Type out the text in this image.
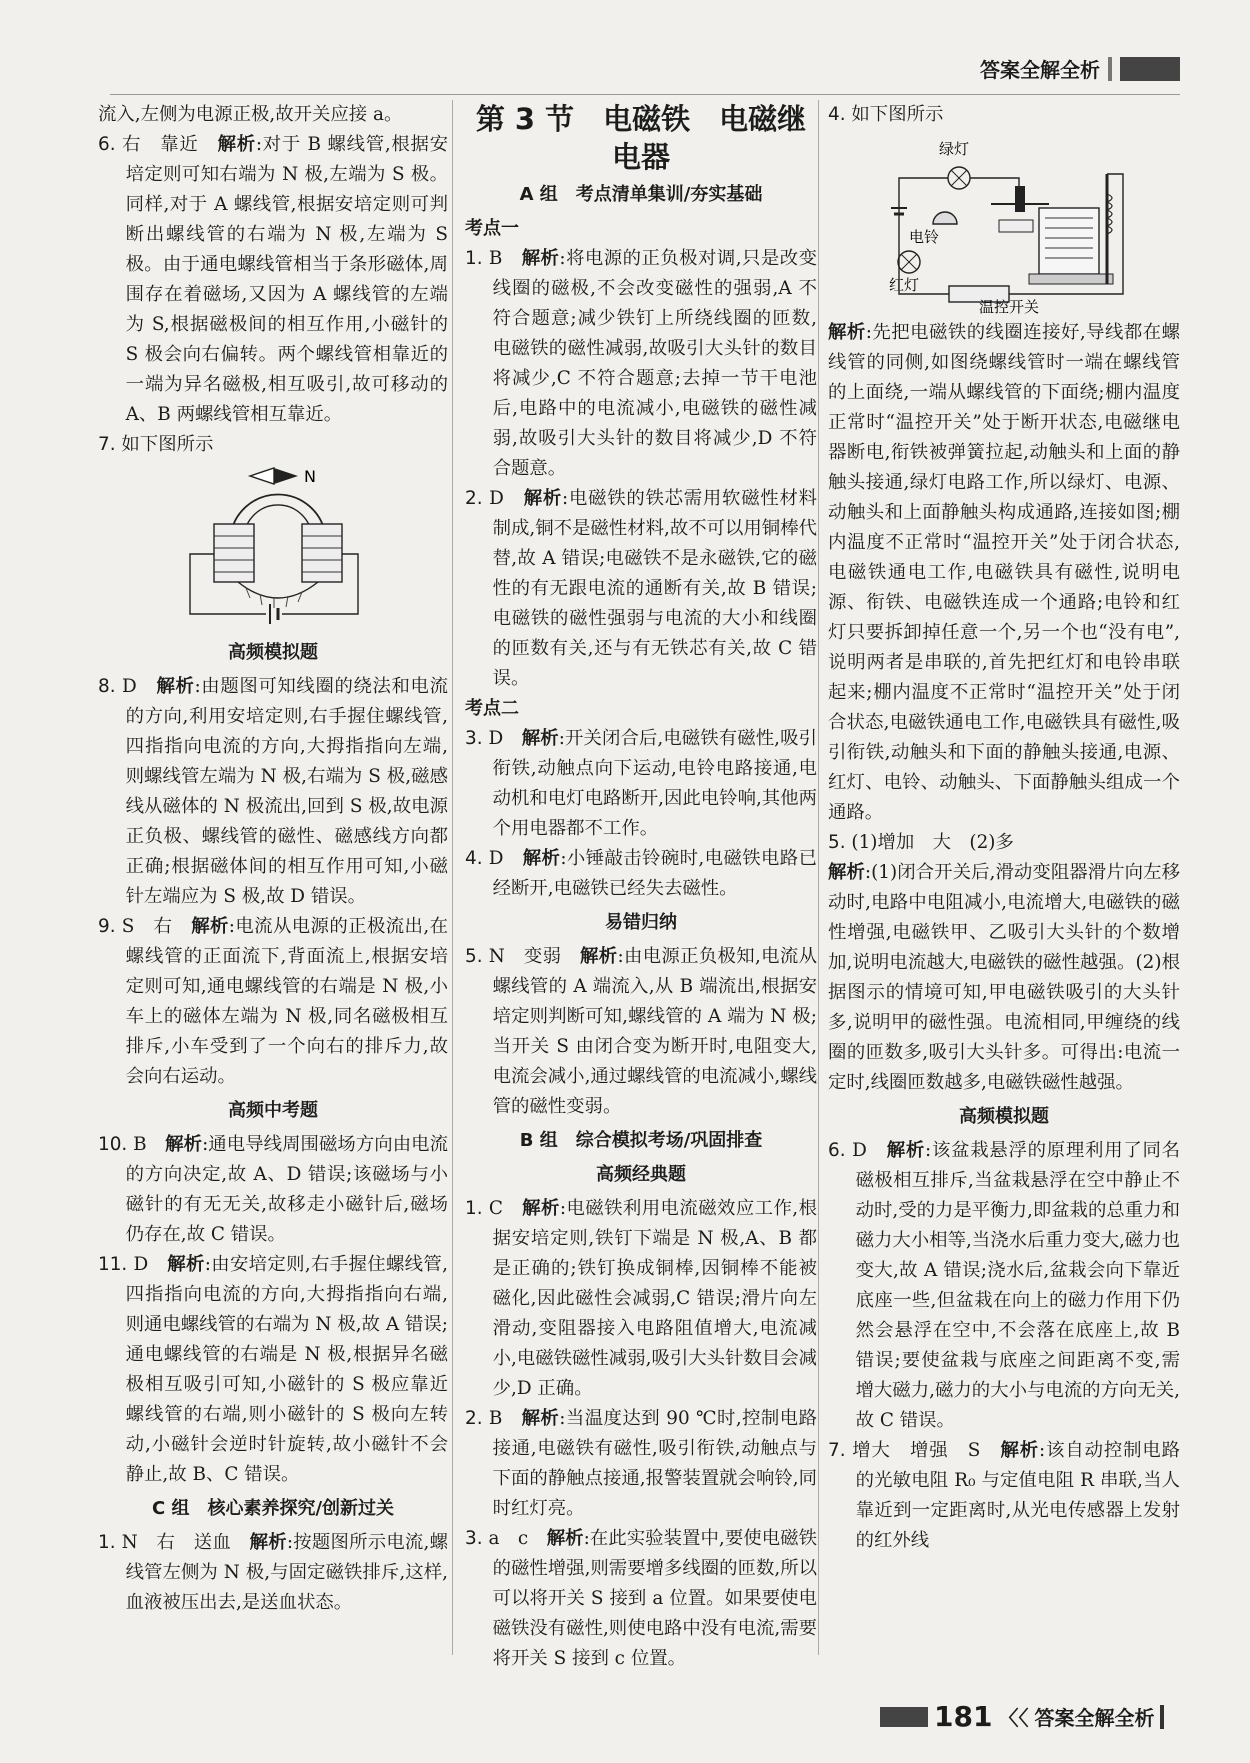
答案全解全析

流入,左侧为电源正极,故开关应接 a。

6. 右　靠近　解析:对于 B 螺线管,根据安培定则可知右端为 N 极,左端为 S 极。同样,对于 A 螺线管,根据安培定则可判断出螺线管的右端为 N 极,左端为 S 极。由于通电螺线管相当于条形磁体,周围存在着磁场,又因为 A 螺线管的左端为 S,根据磁极间的相互作用,小磁针的 S 极会向右偏转。两个螺线管相靠近的一端为异名磁极,相互吸引,故可移动的 A、B 两螺线管相互靠近。

7. 如下图所示

N

高频模拟题

8. D　解析:由题图可知线圈的绕法和电流的方向,利用安培定则,右手握住螺线管,四指指向电流的方向,大拇指指向左端,则螺线管左端为 N 极,右端为 S 极,磁感线从磁体的 N 极流出,回到 S 极,故电源正负极、螺线管的磁性、磁感线方向都正确;根据磁体间的相互作用可知,小磁针左端应为 S 极,故 D 错误。

9. S　右　解析:电流从电源的正极流出,在螺线管的正面流下,背面流上,根据安培定则可知,通电螺线管的右端是 N 极,小车上的磁体左端为 N 极,同名磁极相互排斥,小车受到了一个向右的排斥力,故会向右运动。

高频中考题

10. B　解析:通电导线周围磁场方向由电流的方向决定,故 A、D 错误;该磁场与小磁针的有无无关,故移走小磁针后,磁场仍存在,故 C 错误。

11. D　解析:由安培定则,右手握住螺线管,四指指向电流的方向,大拇指指向右端,则通电螺线管的右端为 N 极,故 A 错误;通电螺线管的右端是 N 极,根据异名磁极相互吸引可知,小磁针的 S 极应靠近螺线管的右端,则小磁针的 S 极向左转动,小磁针会逆时针旋转,故小磁针不会静止,故 B、C 错误。

C 组　核心素养探究/创新过关

1. N　右　送血　解析:按题图所示电流,螺线管左侧为 N 极,与固定磁铁排斥,这样,血液被压出去,是送血状态。

第 3 节　电磁铁　电磁继
电器

A 组　考点清单集训/夯实基础

考点一

1. B　解析:将电源的正负极对调,只是改变线圈的磁极,不会改变磁性的强弱,A 不符合题意;减少铁钉上所绕线圈的匝数,电磁铁的磁性减弱,故吸引大头针的数目将减少,C 不符合题意;去掉一节干电池后,电路中的电流减小,电磁铁的磁性减弱,故吸引大头针的数目将减少,D 不符合题意。

2. D　解析:电磁铁的铁芯需用软磁性材料制成,铜不是磁性材料,故不可以用铜棒代替,故 A 错误;电磁铁不是永磁铁,它的磁性的有无跟电流的通断有关,故 B 错误;电磁铁的磁性强弱与电流的大小和线圈的匝数有关,还与有无铁芯有关,故 C 错误。

考点二

3. D　解析:开关闭合后,电磁铁有磁性,吸引衔铁,动触点向下运动,电铃电路接通,电动机和电灯电路断开,因此电铃响,其他两个用电器都不工作。

4. D　解析:小锤敲击铃碗时,电磁铁电路已经断开,电磁铁已经失去磁性。

易错归纳

5. N　变弱　解析:由电源正负极知,电流从螺线管的 A 端流入,从 B 端流出,根据安培定则判断可知,螺线管的 A 端为 N 极;当开关 S 由闭合变为断开时,电阻变大,电流会减小,通过螺线管的电流减小,螺线管的磁性变弱。

B 组　综合模拟考场/巩固排查

高频经典题

1. C　解析:电磁铁利用电流磁效应工作,根据安培定则,铁钉下端是 N 极,A、B 都是正确的;铁钉换成铜棒,因铜棒不能被磁化,因此磁性会减弱,C 错误;滑片向左滑动,变阻器接入电路阻值增大,电流减小,电磁铁磁性减弱,吸引大头针数目会减少,D 正确。

2. B　解析:当温度达到 90 ℃时,控制电路接通,电磁铁有磁性,吸引衔铁,动触点与下面的静触点接通,报警装置就会响铃,同时红灯亮。

3. a　c　解析:在此实验装置中,要使电磁铁的磁性增强,则需要增多线圈的匝数,所以可以将开关 S 接到 a 位置。如果要使电磁铁没有磁性,则使电路中没有电流,需要将开关 S 接到 c 位置。

4. 如下图所示

绿灯
电铃
红灯
温控开关

解析:先把电磁铁的线圈连接好,导线都在螺线管的同侧,如图绕螺线管时一端在螺线管的上面绕,一端从螺线管的下面绕;棚内温度正常时“温控开关”处于断开状态,电磁继电器断电,衔铁被弹簧拉起,动触头和上面的静触头接通,绿灯电路工作,所以绿灯、电源、动触头和上面静触头构成通路,连接如图;棚内温度不正常时“温控开关”处于闭合状态,电磁铁通电工作,电磁铁具有磁性,说明电源、衔铁、电磁铁连成一个通路;电铃和红灯只要拆卸掉任意一个,另一个也“没有电”,说明两者是串联的,首先把红灯和电铃串联起来;棚内温度不正常时“温控开关”处于闭合状态,电磁铁通电工作,电磁铁具有磁性,吸引衔铁,动触头和下面的静触头接通,电源、红灯、电铃、动触头、下面静触头组成一个通路。

5. (1)增加　大　(2)多

解析:(1)闭合开关后,滑动变阻器滑片向左移动时,电路中电阻减小,电流增大,电磁铁的磁性增强,电磁铁甲、乙吸引大头针的个数增加,说明电流越大,电磁铁的磁性越强。(2)根据图示的情境可知,甲电磁铁吸引的大头针多,说明甲的磁性强。电流相同,甲缠绕的线圈的匝数多,吸引大头针多。可得出:电流一定时,线圈匝数越多,电磁铁磁性越强。

高频模拟题

6. D　解析:该盆栽悬浮的原理利用了同名磁极相互排斥,当盆栽悬浮在空中静止不动时,受的力是平衡力,即盆栽的总重力和磁力大小相等,当浇水后重力变大,磁力也变大,故 A 错误;浇水后,盆栽会向下靠近底座一些,但盆栽在向上的磁力作用下仍然会悬浮在空中,不会落在底座上,故 B 错误;要使盆栽与底座之间距离不变,需增大磁力,磁力的大小与电流的方向无关,故 C 错误。

7. 增大　增强　S　解析:该自动控制电路的光敏电阻 R₀ 与定值电阻 R 串联,当人靠近到一定距离时,从光电传感器上发射的红外线

181 〈〈 答案全解全析
